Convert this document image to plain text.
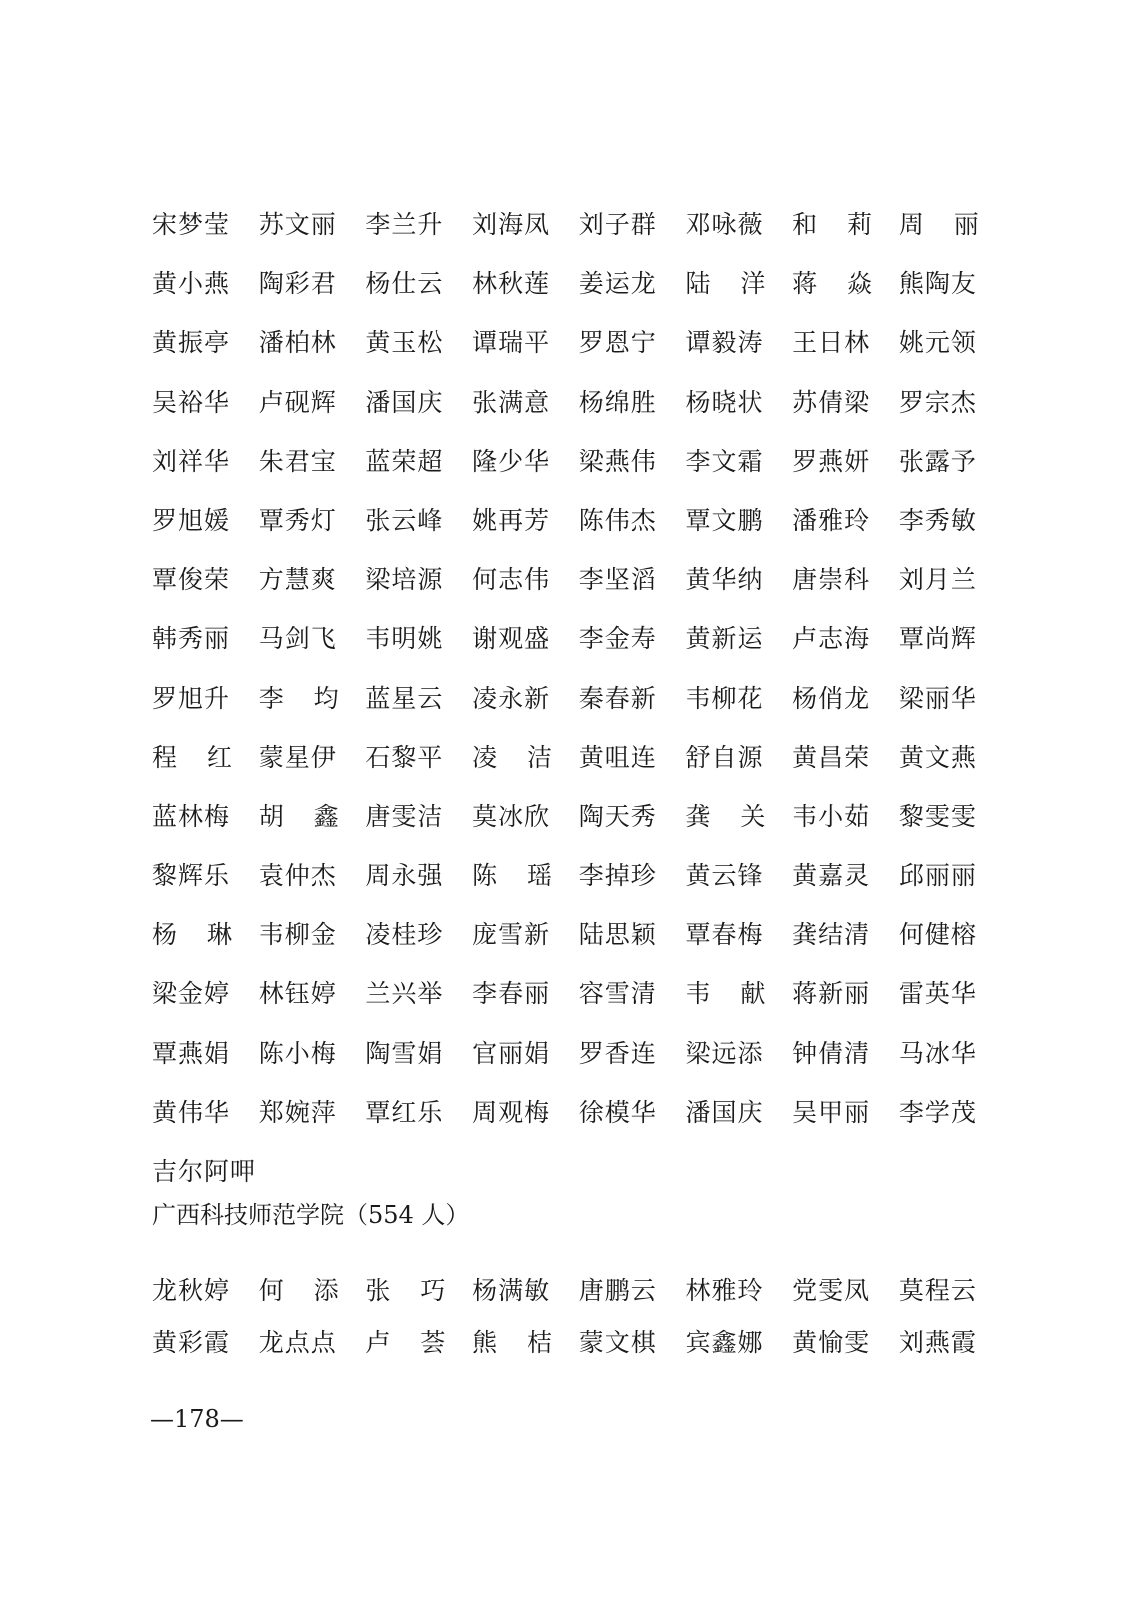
宋梦莹 苏文丽 李兰升 刘海凤 刘子群 邓咏薇 和 莉 周 丽
黄小燕 陶彩君 杨仕云 林秋莲 姜运龙 陆 洋 蒋 焱 熊陶友
黄振亭 潘柏林 黄玉松 谭瑞平 罗恩宁 谭毅涛 王日林 姚元领
吴裕华 卢砚辉 潘国庆 张满意 杨绵胜 杨晓状 苏倩梁 罗宗杰
刘祥华 朱君宝 蓝荣超 隆少华 梁燕伟 李文霜 罗燕妍 张露予
罗旭媛 覃秀灯 张云峰 姚再芳 陈伟杰 覃文鹏 潘雅玲 李秀敏
覃俊荣 方慧爽 梁培源 何志伟 李坚滔 黄华纳 唐崇科 刘月兰
韩秀丽 马剑飞 韦明姚 谢观盛 李金寿 黄新运 卢志海 覃尚辉
罗旭升 李 均 蓝星云 凌永新 秦春新 韦柳花 杨俏龙 梁丽华
程 红 蒙星伊 石黎平 凌 洁 黄咀连 舒自源 黄昌荣 黄文燕
蓝林梅 胡 鑫 唐雯洁 莫冰欣 陶天秀 龚 关 韦小茹 黎雯雯
黎辉乐 袁仲杰 周永强 陈 瑶 李掉珍 黄云锋 黄嘉灵 邱丽丽
杨 琳 韦柳金 凌桂珍 庞雪新 陆思颖 覃春梅 龚结清 何健榕
梁金婷 林钰婷 兰兴举 李春丽 容雪清 韦 献 蒋新丽 雷英华
覃燕娟 陈小梅 陶雪娟 官丽娟 罗香连 梁远添 钟倩清 马冰华
黄伟华 郑婉萍 覃红乐 周观梅 徐模华 潘国庆 吴甲丽 李学茂
吉尔阿呷
广西科技师范学院（554 人）
龙秋婷 何 添 张 巧 杨满敏 唐鹏云 林雅玲 党雯凤 莫程云
黄彩霞 龙点点 卢 荟 熊 桔 蒙文棋 宾鑫娜 黄愉雯 刘燕霞
—178—
